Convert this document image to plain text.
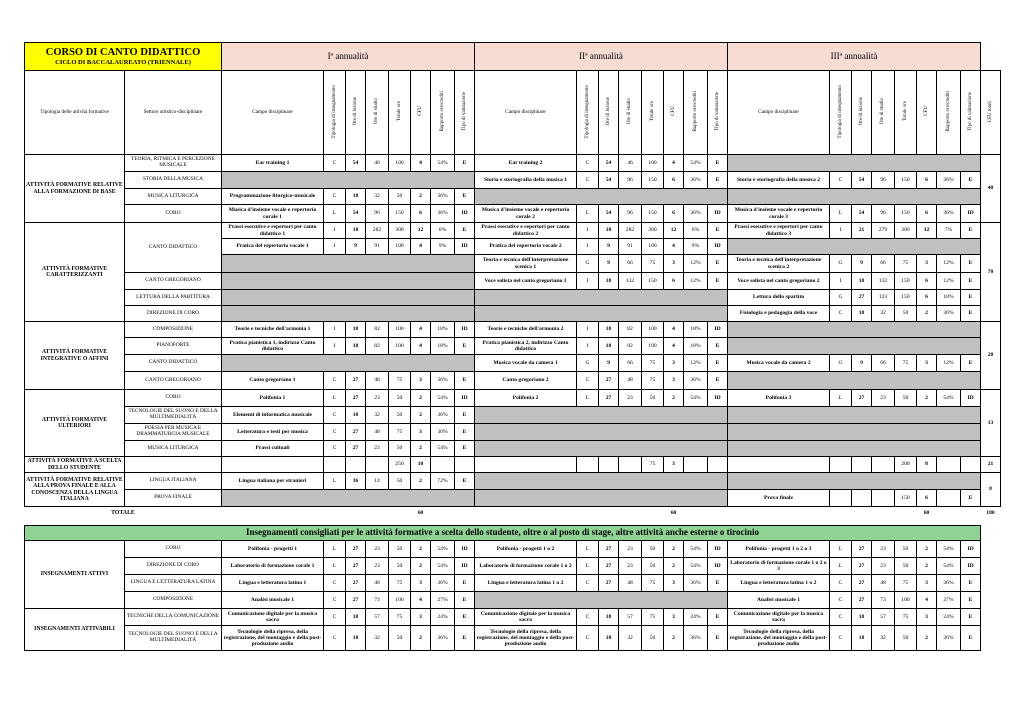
CORSO DI CANTO DIDATTICO
CICLO DI BACCALAUREATO (TRIENNALE)		Iª annualità								IIª annualità								IIIª annualità								
Tipologia delle attività formative	Settore artistico-disciplinare	Campo disciplinare	Tipologia di insegnamento	Ore di lezione	Ore di studio	Totale ore	CFU	Rapporto ore/crediti	Tipo di valutazione	Campo disciplinare	Tipologia di insegnamento	Ore di lezione	Ore di studio	Totale ore	CFU	Rapporto ore/crediti	Tipo di valutazione	Campo disciplinare	Tipologia di insegnamento	Ore di lezione	Ore di studio	Totale ore	CFU	Rapporto ore/crediti	Tipo di valutazione	CFU totali
ATTIVITÀ FORMATIVE RELATIVE ALLA FORMAZIONE DI BASE	TEORIA, RITMICA E PERCEZIONE MUSICALE	Ear training 1	C	54	46	100	4	54%	E	Ear training 2	C	54	46	100	4	54%	E									40
	STORIA DELLA MUSICA									Storia e storiografia della musica 1	C	54	96	150	6	36%	E	Storia e storiografia della musica 2	C	54	96	150	6	36%	E	
	MUSICA LITURGICA	Programmazione liturgico-musicale	C	18	32	50	2	36%	E																	
	CORO	Musica d'insieme vocale e repertorio corale 1	L	54	96	150	6	36%	ID	Musica d'insieme vocale e repertorio corale 2	L	54	96	150	6	36%	ID	Musica d'insieme vocale e repertorio corale 3	L	54	96	150	6	36%	ID	
ATTIVITÀ FORMATIVE CARATTERIZZANTI	CANTO DIDATTICO	Prassi esecutive e repertori per canto didattico 1	I	18	282	300	12	6%	E	Prassi esecutive e repertori per canto didattico 2	I	18	282	300	12	6%	E	Prassi esecutive e repertori per canto didattico 3	I	21	279	300	12	7%	E	70
		Pratica del repertorio vocale 1	I	9	91	100	4	9%	ID	Pratica del repertorio vocale 2	I	9	91	100	4	9%	ID									
										Teoria e tecnica dell'interpretazione scenica 1	G	9	66	75	3	12%	E	Teoria e tecnica dell'interpretazione scenica 2	G	9	66	75	3	12%	E	
	CANTO GREGORIANO									Voce solista nel canto gregoriano 1	I	18	132	150	6	12%	E	Voce solista nel canto gregoriano 2	I	18	132	150	6	12%	E	
	LETTURA DELLA PARTITURA																	Lettura dello spartito	G	27	123	150	6	18%	E	
	DIREZIONE DI CORO																	Fisiologia e pedagogia della voce	C	18	32	50	2	36%	E	
ATTIVITÀ FORMATIVE INTEGRATIVE O AFFINI	COMPOSIZIONE	Teorie e tecniche dell'armonia 1	I	18	82	100	4	18%	ID	Teorie e tecniche dell'armonia 2	I	18	82	100	4	18%	ID									28
	PIANOFORTE	Pratica pianistica 1, indirizzo Canto didattico	I	18	82	100	4	18%	E	Pratica pianistica 2, indirizzo Canto didattico	I	18	82	100	4	18%	E									
	CANTO DIDATTICO									Musica vocale da camera 1	G	9	66	75	3	12%	E	Musica vocale da camera 2	G	9	66	75	3	12%	E	
	CANTO GREGORIANO	Canto gregoriano 1	C	27	48	75	3	36%	E	Canto gregoriano 2	C	27	48	75	3	36%	E									
ATTIVITÀ FORMATIVE ULTERIORI	CORO	Polifonia 1	L	27	23	50	2	54%	ID	Polifonia 2	L	27	23	50	2	54%	ID	Polifonia 3	L	27	23	50	2	54%	ID	13
	TECNOLOGIE DEL SUONO E DELLA MULTIMEDIALITÀ	Elementi di informatica musicale	C	18	32	50	2	36%	E																	
	POESIA PER MUSICA E DRAMMATURGIA MUSICALE	Letteratura e testi per musica	C	27	48	75	3	36%	E																	
	MUSICA LITURGICA	Prassi cultuali	C	27	23	50	2	54%	E																	
ATTIVITÀ FORMATIVE A SCELTA DELLO STUDENTE						250	10							75	3							200	8			21
ATTIVITÀ FORMATIVE RELATIVE ALLA PROVA FINALE E ALLA CONOSCENZA DELLA LINGUA ITALIANA	LINGUA ITALIANA	Lingua italiana per stranieri	L	36	14	50	2	72%	E																	8
	PROVA FINALE																	Prova finale				150	6		E	
TOTALE							60								60								60			180

Insegnamenti consigliati per le attività formative a scelta dello studente, oltre o al posto di stage, altre attività anche esterne o tirocinio																										
INSEGNAMENTI ATTIVI	CORO	Polifonia - progetti 1	L	27	23	50	2	54%	ID	Polifonia - progetti 1 o 2	L	27	23	50	2	54%	ID	Polifonia - progetti 1 o 2 o 3	L	27	23	50	2	54%	ID	
	DIREZIONE DI CORO	Laboratorio di formazione corale 1	L	27	23	50	2	54%	ID	Laboratorio di formazione corale 1 o 2	L	27	23	50	2	54%	ID	Laboratorio di formazione corale 1 o 2 o 3	L	27	23	50	2	54%	ID	
	LINGUA E LETTERATURA LATINA	Lingua e letteratura latina 1	C	27	48	75	3	36%	E	Lingua e letteratura latina 1 o 2	C	27	48	75	3	36%	E	Lingua e letteratura latina 1 o 2	C	27	48	75	3	36%	E	
	COMPOSIZIONE	Analisi musicale 1	C	27	73	100	4	27%	E									Analisi musicale 1	C	27	73	100	4	27%	E	
INSEGNAMENTI ATTIVABILI	TECNICHE DELLA COMUNICAZIONE	Comunicazione digitale per la musica sacra	C	18	57	75	3	24%	E	Comunicazione digitale per la musica sacra	C	18	57	75	3	24%	E	Comunicazione digitale per la musica sacra	C	18	57	75	3	24%	E	
	TECNOLOGIE DEL SUONO E DELLA MULTIMEDIALITÀ	Tecnologie della ripresa, della registrazione, del montaggio e della post-produzione audio	C	18	32	50	2	36%	E	Tecnologie della ripresa, della registrazione, del montaggio e della post-produzione audio	C	18	32	50	2	36%	E	Tecnologie della ripresa, della registrazione, del montaggio e della post-produzione audio	C	18	32	50	2	36%	E	
